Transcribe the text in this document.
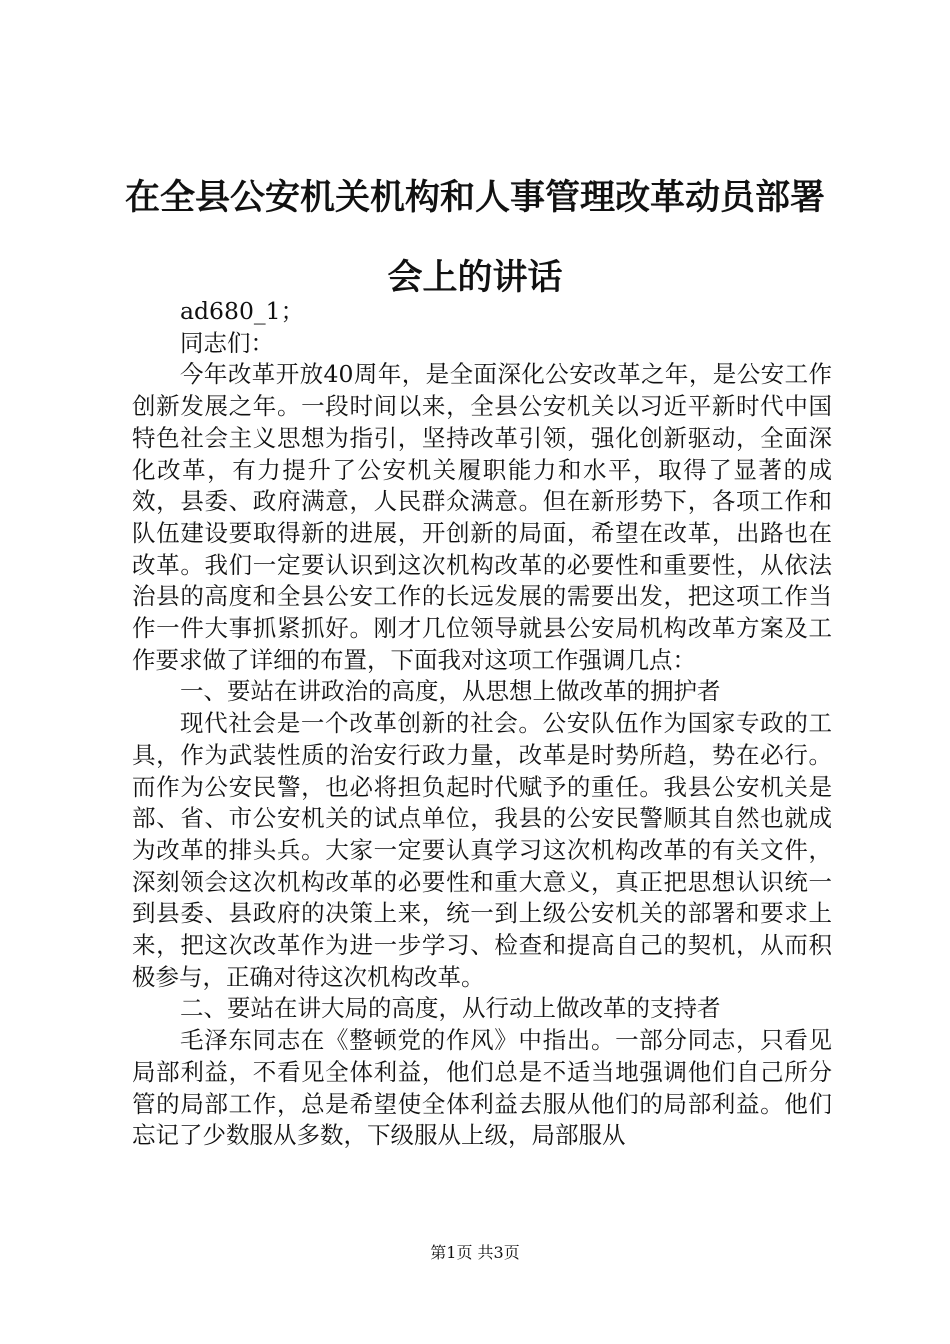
在全县公安机关机构和人事管理改革动员部署会上的讲话

ad680_1；

同志们：

今年改革开放40周年，是全面深化公安改革之年，是公安工作创新发展之年。一段时间以来，全县公安机关以习近平新时代中国特色社会主义思想为指引，坚持改革引领，强化创新驱动，全面深化改革，有力提升了公安机关履职能力和水平，取得了显著的成效，县委、政府满意，人民群众满意。但在新形势下，各项工作和队伍建设要取得新的进展，开创新的局面，希望在改革，出路也在改革。我们一定要认识到这次机构改革的必要性和重要性，从依法治县的高度和全县公安工作的长远发展的需要出发，把这项工作当作一件大事抓紧抓好。刚才几位领导就县公安局机构改革方案及工作要求做了详细的布置，下面我对这项工作强调几点：

一、要站在讲政治的高度，从思想上做改革的拥护者

现代社会是一个改革创新的社会。公安队伍作为国家专政的工具，作为武装性质的治安行政力量，改革是时势所趋，势在必行。而作为公安民警，也必将担负起时代赋予的重任。我县公安机关是部、省、市公安机关的试点单位，我县的公安民警顺其自然也就成为改革的排头兵。大家一定要认真学习这次机构改革的有关文件，深刻领会这次机构改革的必要性和重大意义，真正把思想认识统一到县委、县政府的决策上来，统一到上级公安机关的部署和要求上来，把这次改革作为进一步学习、检查和提高自己的契机，从而积极参与，正确对待这次机构改革。

二、要站在讲大局的高度，从行动上做改革的支持者

毛泽东同志在《整顿党的作风》中指出。一部分同志，只看见局部利益，不看见全体利益，他们总是不适当地强调他们自己所分管的局部工作，总是希望使全体利益去服从他们的局部利益。他们忘记了少数服从多数，下级服从上级，局部服从

第1页 共3页
